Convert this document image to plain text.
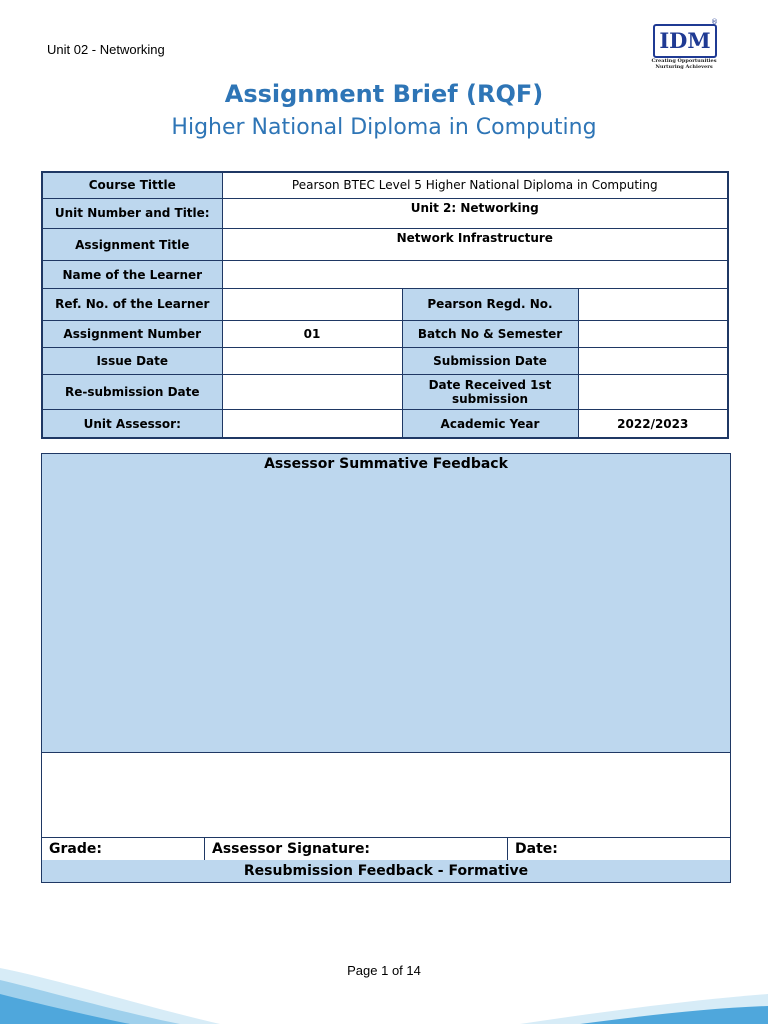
Unit 02 - Networking	IDM
®
Creating Opportunities
Nurturing Achievers
Assignment Brief (RQF)
Higher National Diploma in Computing
Course Tittle	Pearson BTEC Level 5 Higher National Diploma in Computing		
Unit Number and Title:	Unit 2: Networking		
Assignment Title	Network Infrastructure		
Name of the Learner			
Ref. No. of the Learner		Pearson Regd. No.	
Assignment Number	01	Batch No & Semester	
Issue Date		Submission Date	
Re-submission Date		Date Received 1st submission	
Unit Assessor:		Academic Year	2022/2023
Assessor Summative Feedback
Grade:	Assessor Signature:	Date:
Resubmission Feedback - Formative
Page 1 of 14
